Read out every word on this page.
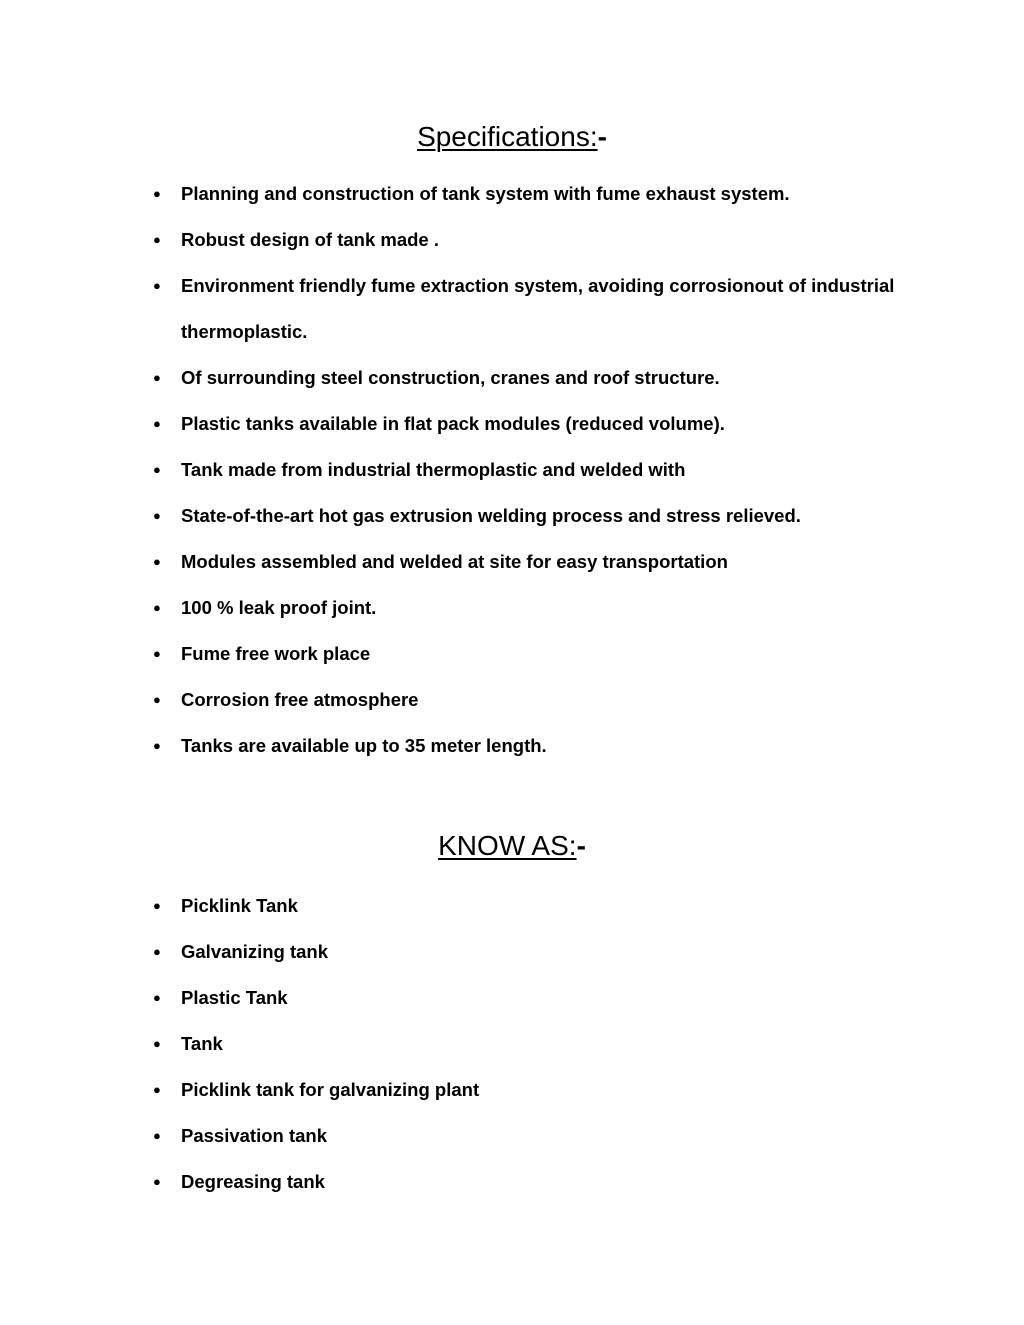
Specifications:-
● Planning and construction of tank system with fume exhaust system.
● Robust design of tank made .
● Environment friendly fume extraction system, avoiding corrosionout of industrial thermoplastic.
● Of surrounding steel construction, cranes and roof structure.
● Plastic tanks available in flat pack modules (reduced volume).
● Tank made from industrial thermoplastic and welded with
● State-of-the-art hot gas extrusion welding process and stress relieved.
● Modules assembled and welded at site for easy transportation
● 100 % leak proof joint.
● Fume free work place
● Corrosion free atmosphere
● Tanks are available up to 35 meter length.
KNOW AS:-
● Picklink Tank
● Galvanizing tank
● Plastic Tank
● Tank
● Picklink tank for galvanizing plant
● Passivation tank
● Degreasing tank
